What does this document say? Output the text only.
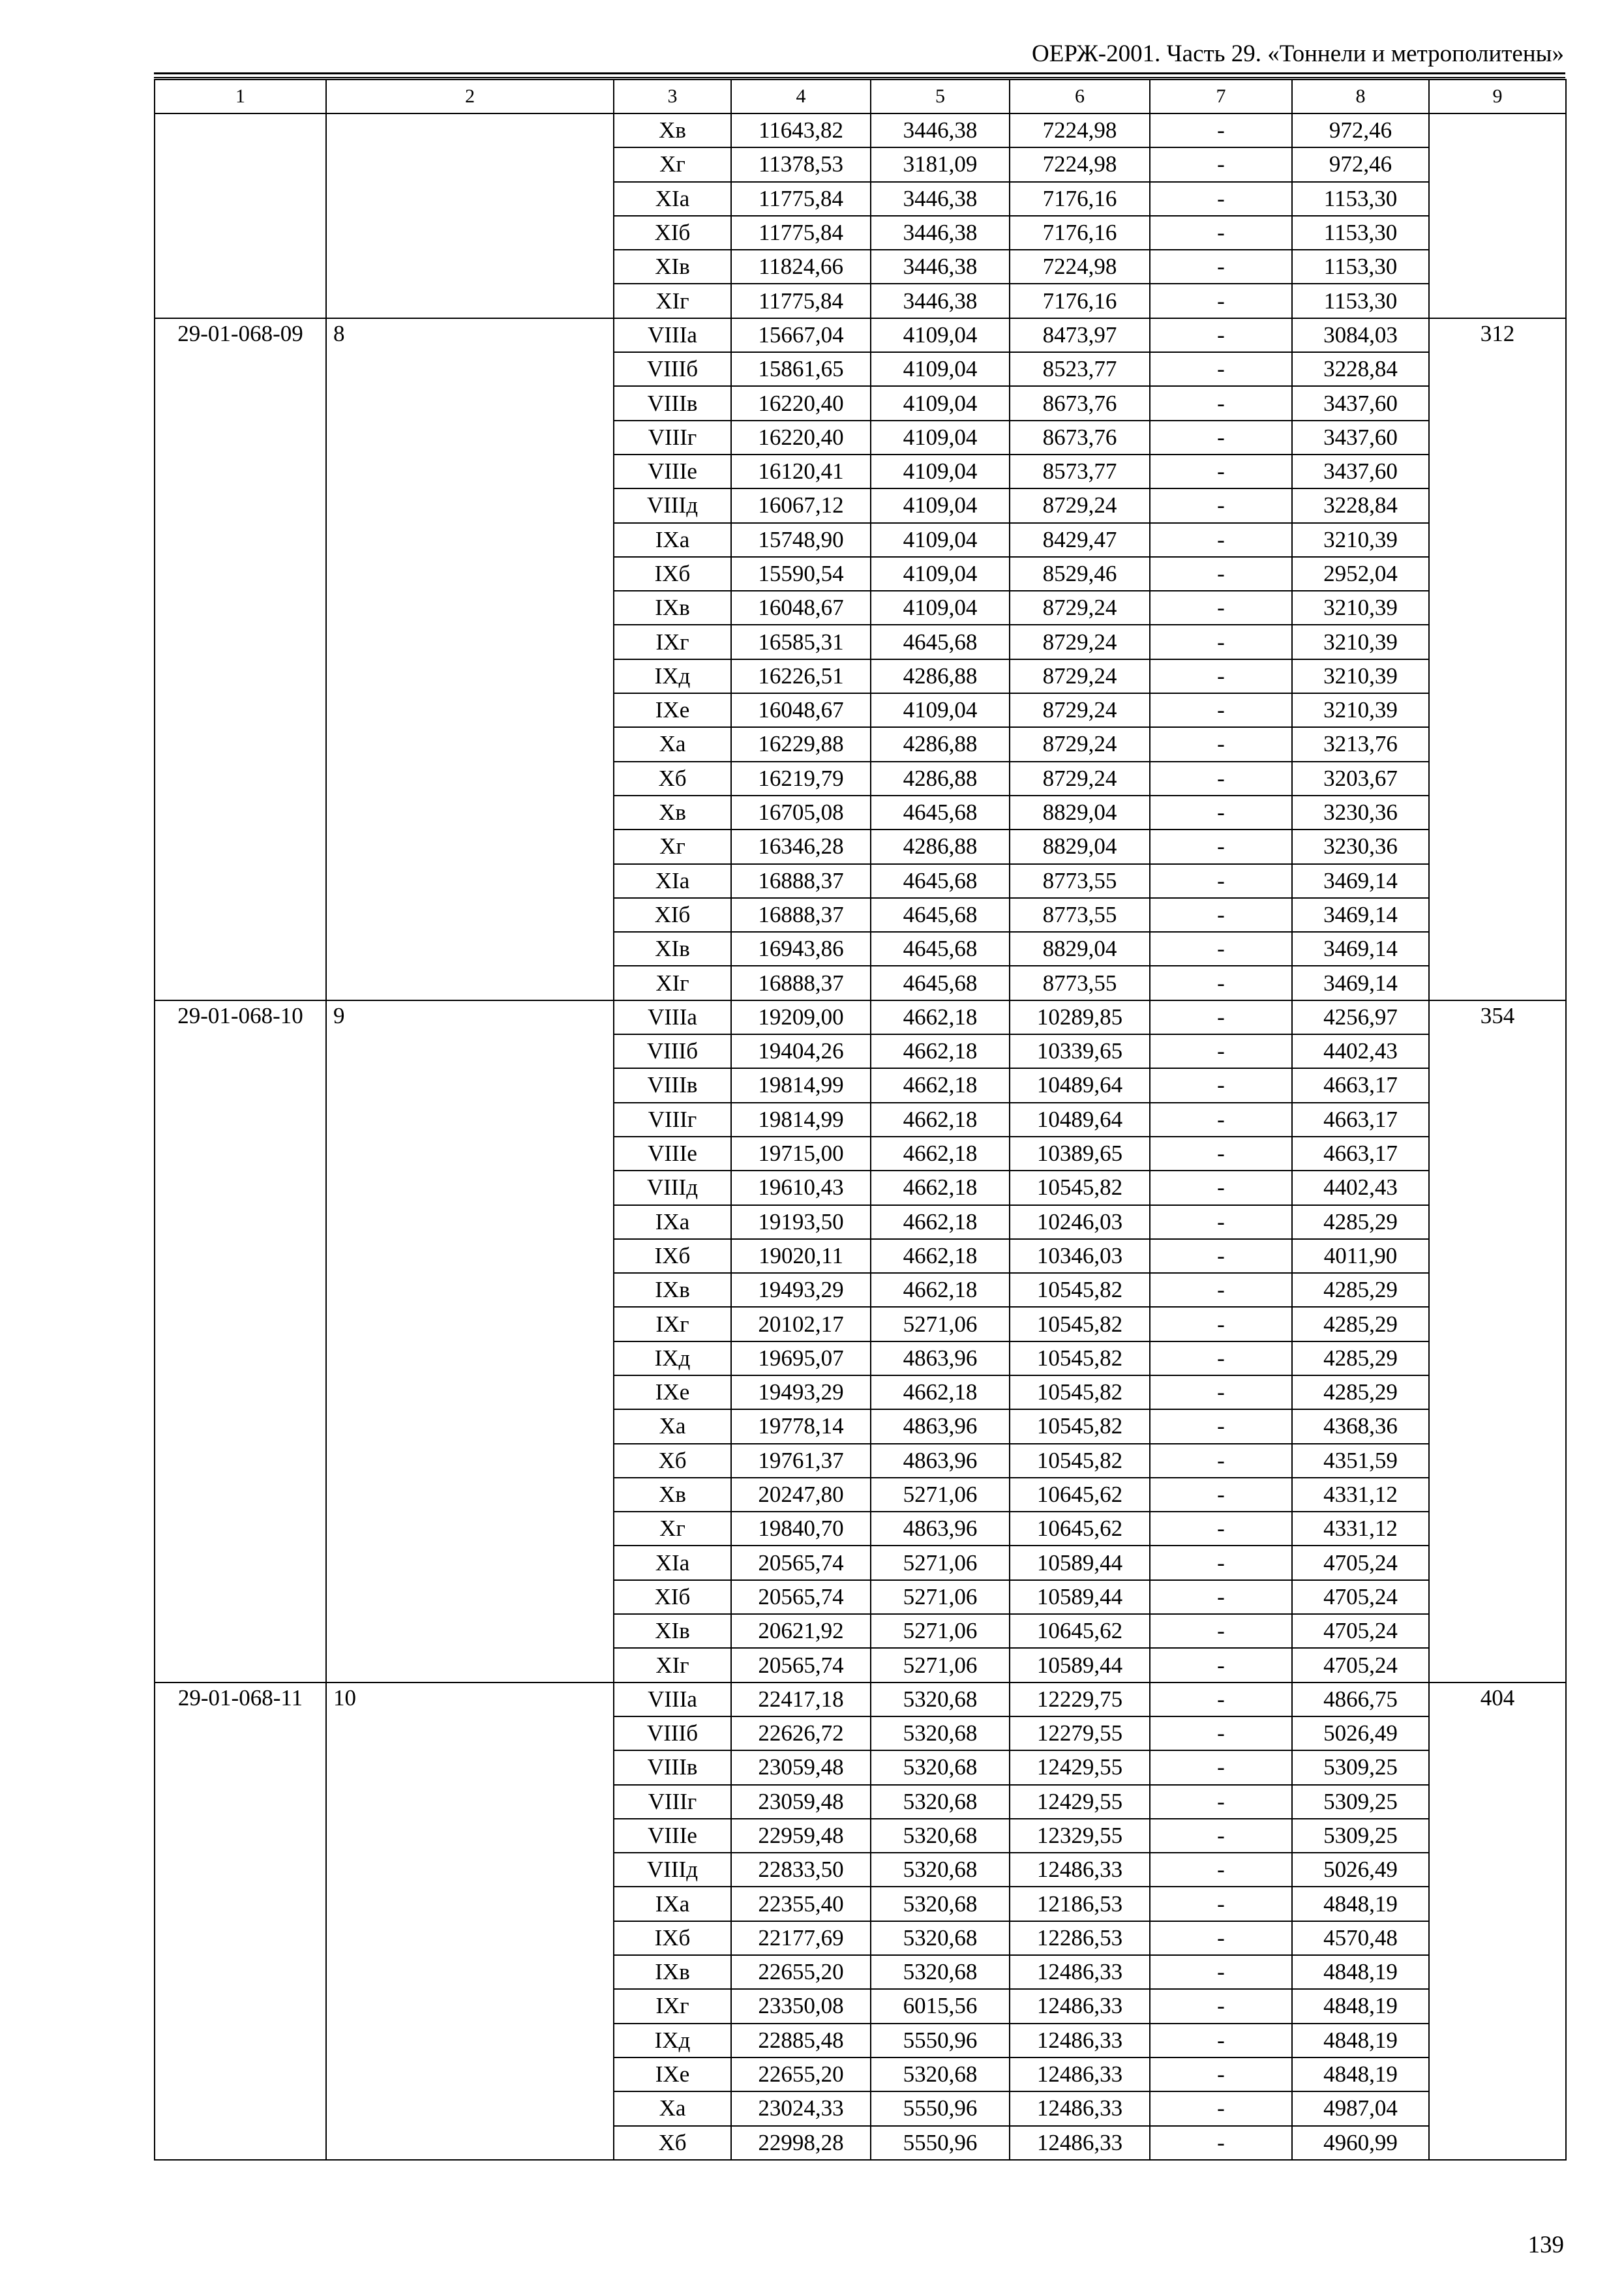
ОЕРЖ-2001. Часть 29. «Тоннели и метрополитены»
1	2	3	4	5	6	7	8	9
		Xв	11643,82	3446,38	7224,98	-	972,46	
		Xг	11378,53	3181,09	7224,98	-	972,46	
		XIа	11775,84	3446,38	7176,16	-	1153,30	
		XIб	11775,84	3446,38	7176,16	-	1153,30	
		XIв	11824,66	3446,38	7224,98	-	1153,30	
		XIг	11775,84	3446,38	7176,16	-	1153,30	
29-01-068-09	8	VIIIа	15667,04	4109,04	8473,97	-	3084,03	312
		VIIIб	15861,65	4109,04	8523,77	-	3228,84	
		VIIIв	16220,40	4109,04	8673,76	-	3437,60	
		VIIIг	16220,40	4109,04	8673,76	-	3437,60	
		VIIIе	16120,41	4109,04	8573,77	-	3437,60	
		VIIIд	16067,12	4109,04	8729,24	-	3228,84	
		IXа	15748,90	4109,04	8429,47	-	3210,39	
		IXб	15590,54	4109,04	8529,46	-	2952,04	
		IXв	16048,67	4109,04	8729,24	-	3210,39	
		IXг	16585,31	4645,68	8729,24	-	3210,39	
		IXд	16226,51	4286,88	8729,24	-	3210,39	
		IXе	16048,67	4109,04	8729,24	-	3210,39	
		Xа	16229,88	4286,88	8729,24	-	3213,76	
		Xб	16219,79	4286,88	8729,24	-	3203,67	
		Xв	16705,08	4645,68	8829,04	-	3230,36	
		Xг	16346,28	4286,88	8829,04	-	3230,36	
		XIа	16888,37	4645,68	8773,55	-	3469,14	
		XIб	16888,37	4645,68	8773,55	-	3469,14	
		XIв	16943,86	4645,68	8829,04	-	3469,14	
		XIг	16888,37	4645,68	8773,55	-	3469,14	
29-01-068-10	9	VIIIа	19209,00	4662,18	10289,85	-	4256,97	354
		VIIIб	19404,26	4662,18	10339,65	-	4402,43	
		VIIIв	19814,99	4662,18	10489,64	-	4663,17	
		VIIIг	19814,99	4662,18	10489,64	-	4663,17	
		VIIIе	19715,00	4662,18	10389,65	-	4663,17	
		VIIIд	19610,43	4662,18	10545,82	-	4402,43	
		IXа	19193,50	4662,18	10246,03	-	4285,29	
		IXб	19020,11	4662,18	10346,03	-	4011,90	
		IXв	19493,29	4662,18	10545,82	-	4285,29	
		IXг	20102,17	5271,06	10545,82	-	4285,29	
		IXд	19695,07	4863,96	10545,82	-	4285,29	
		IXе	19493,29	4662,18	10545,82	-	4285,29	
		Xа	19778,14	4863,96	10545,82	-	4368,36	
		Xб	19761,37	4863,96	10545,82	-	4351,59	
		Xв	20247,80	5271,06	10645,62	-	4331,12	
		Xг	19840,70	4863,96	10645,62	-	4331,12	
		XIа	20565,74	5271,06	10589,44	-	4705,24	
		XIб	20565,74	5271,06	10589,44	-	4705,24	
		XIв	20621,92	5271,06	10645,62	-	4705,24	
		XIг	20565,74	5271,06	10589,44	-	4705,24	
29-01-068-11	10	VIIIа	22417,18	5320,68	12229,75	-	4866,75	404
		VIIIб	22626,72	5320,68	12279,55	-	5026,49	
		VIIIв	23059,48	5320,68	12429,55	-	5309,25	
		VIIIг	23059,48	5320,68	12429,55	-	5309,25	
		VIIIе	22959,48	5320,68	12329,55	-	5309,25	
		VIIIд	22833,50	5320,68	12486,33	-	5026,49	
		IXа	22355,40	5320,68	12186,53	-	4848,19	
		IXб	22177,69	5320,68	12286,53	-	4570,48	
		IXв	22655,20	5320,68	12486,33	-	4848,19	
		IXг	23350,08	6015,56	12486,33	-	4848,19	
		IXд	22885,48	5550,96	12486,33	-	4848,19	
		IXе	22655,20	5320,68	12486,33	-	4848,19	
		Xа	23024,33	5550,96	12486,33	-	4987,04	
		Xб	22998,28	5550,96	12486,33	-	4960,99	
139
